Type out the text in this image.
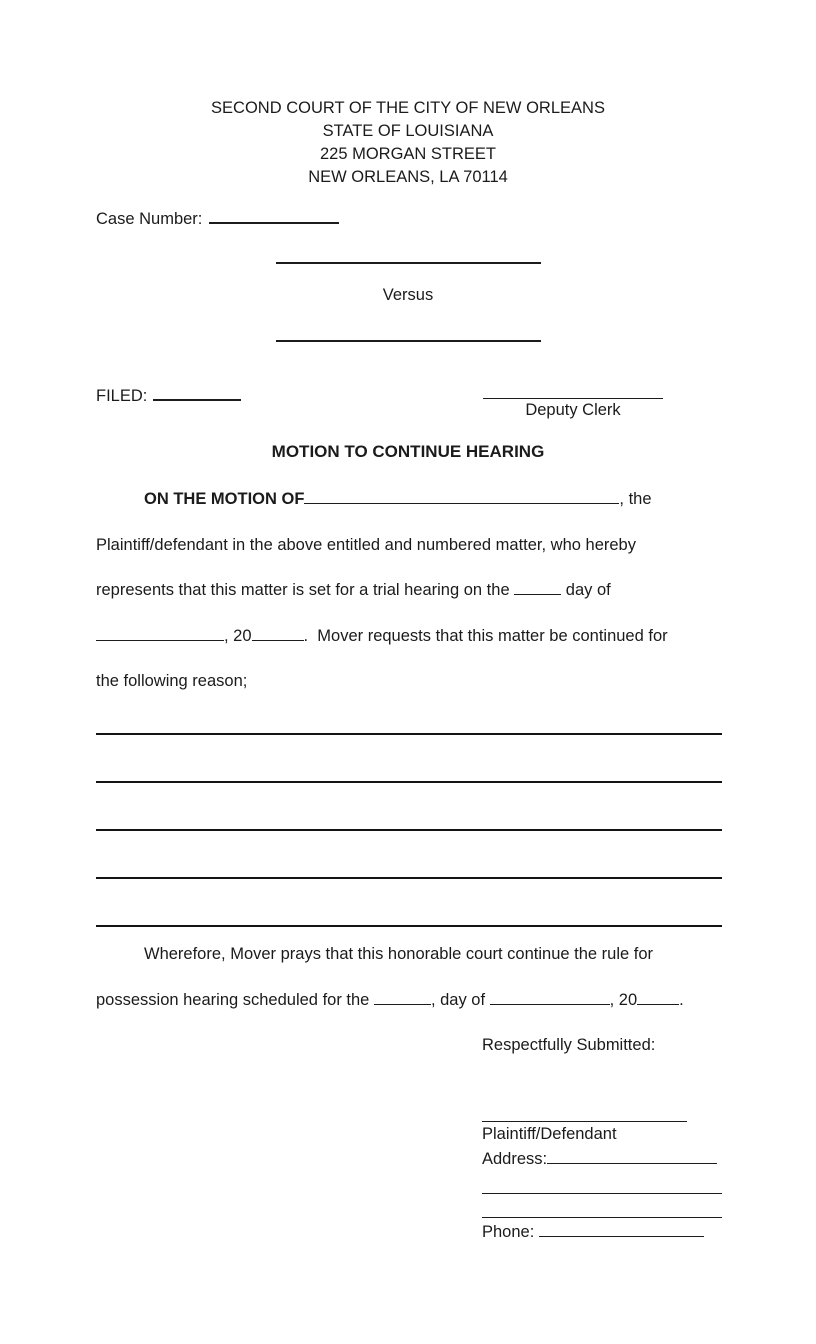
SECOND COURT OF THE CITY OF NEW ORLEANS
STATE OF LOUISIANA
225 MORGAN STREET
NEW ORLEANS, LA 70114
Case Number:
Versus
FILED:
Deputy Clerk
MOTION TO CONTINUE HEARING
ON THE MOTION OF	, the
Plaintiff/defendant in the above entitled and numbered matter, who hereby
represents that this matter is set for a trial hearing on the	day of
, 20	.  Mover requests that this matter be continued for
the following reason;
Wherefore, Mover prays that this honorable court continue the rule for
possession hearing scheduled for the	, day of	, 20	.
Respectfully Submitted:
Plaintiff/Defendant
Address:
Phone:
